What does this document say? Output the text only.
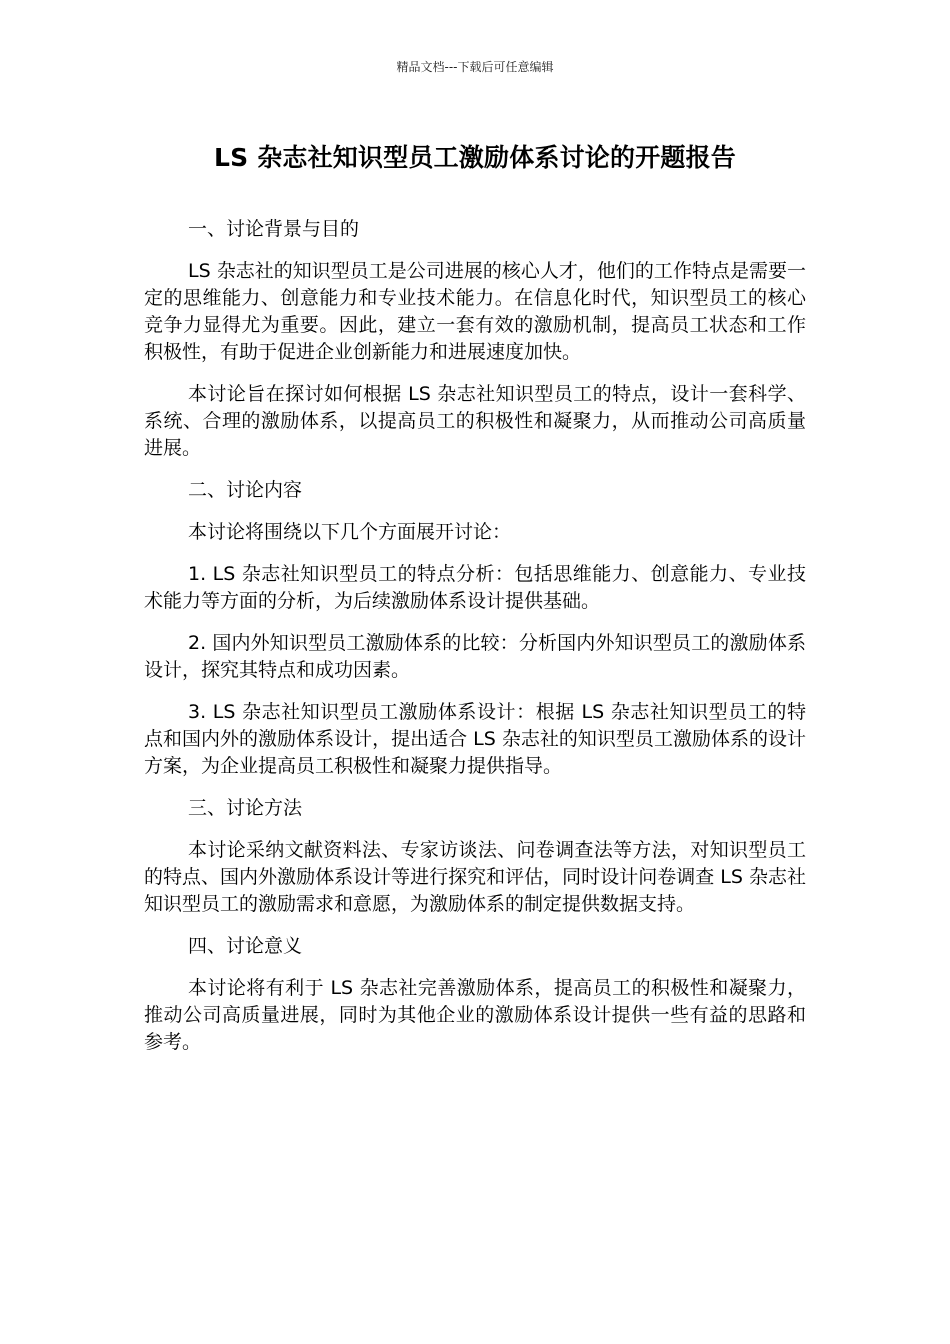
精品文档---下载后可任意编辑
LS 杂志社知识型员工激励体系讨论的开题报告

一、讨论背景与目的

LS 杂志社的知识型员工是公司进展的核心人才，他们的工作特点是需要一定的思维能力、创意能力和专业技术能力。在信息化时代，知识型员工的核心竞争力显得尤为重要。因此，建立一套有效的激励机制，提高员工状态和工作积极性，有助于促进企业创新能力和进展速度加快。

本讨论旨在探讨如何根据 LS 杂志社知识型员工的特点，设计一套科学、系统、合理的激励体系，以提高员工的积极性和凝聚力，从而推动公司高质量进展。

二、讨论内容

本讨论将围绕以下几个方面展开讨论：

1. LS 杂志社知识型员工的特点分析：包括思维能力、创意能力、专业技术能力等方面的分析，为后续激励体系设计提供基础。

2. 国内外知识型员工激励体系的比较：分析国内外知识型员工的激励体系设计，探究其特点和成功因素。

3. LS 杂志社知识型员工激励体系设计：根据 LS 杂志社知识型员工的特点和国内外的激励体系设计，提出适合 LS 杂志社的知识型员工激励体系的设计方案，为企业提高员工积极性和凝聚力提供指导。

三、讨论方法

本讨论采纳文献资料法、专家访谈法、问卷调查法等方法，对知识型员工的特点、国内外激励体系设计等进行探究和评估，同时设计问卷调查 LS 杂志社知识型员工的激励需求和意愿，为激励体系的制定提供数据支持。

四、讨论意义

本讨论将有利于 LS 杂志社完善激励体系，提高员工的积极性和凝聚力，推动公司高质量进展，同时为其他企业的激励体系设计提供一些有益的思路和参考。
